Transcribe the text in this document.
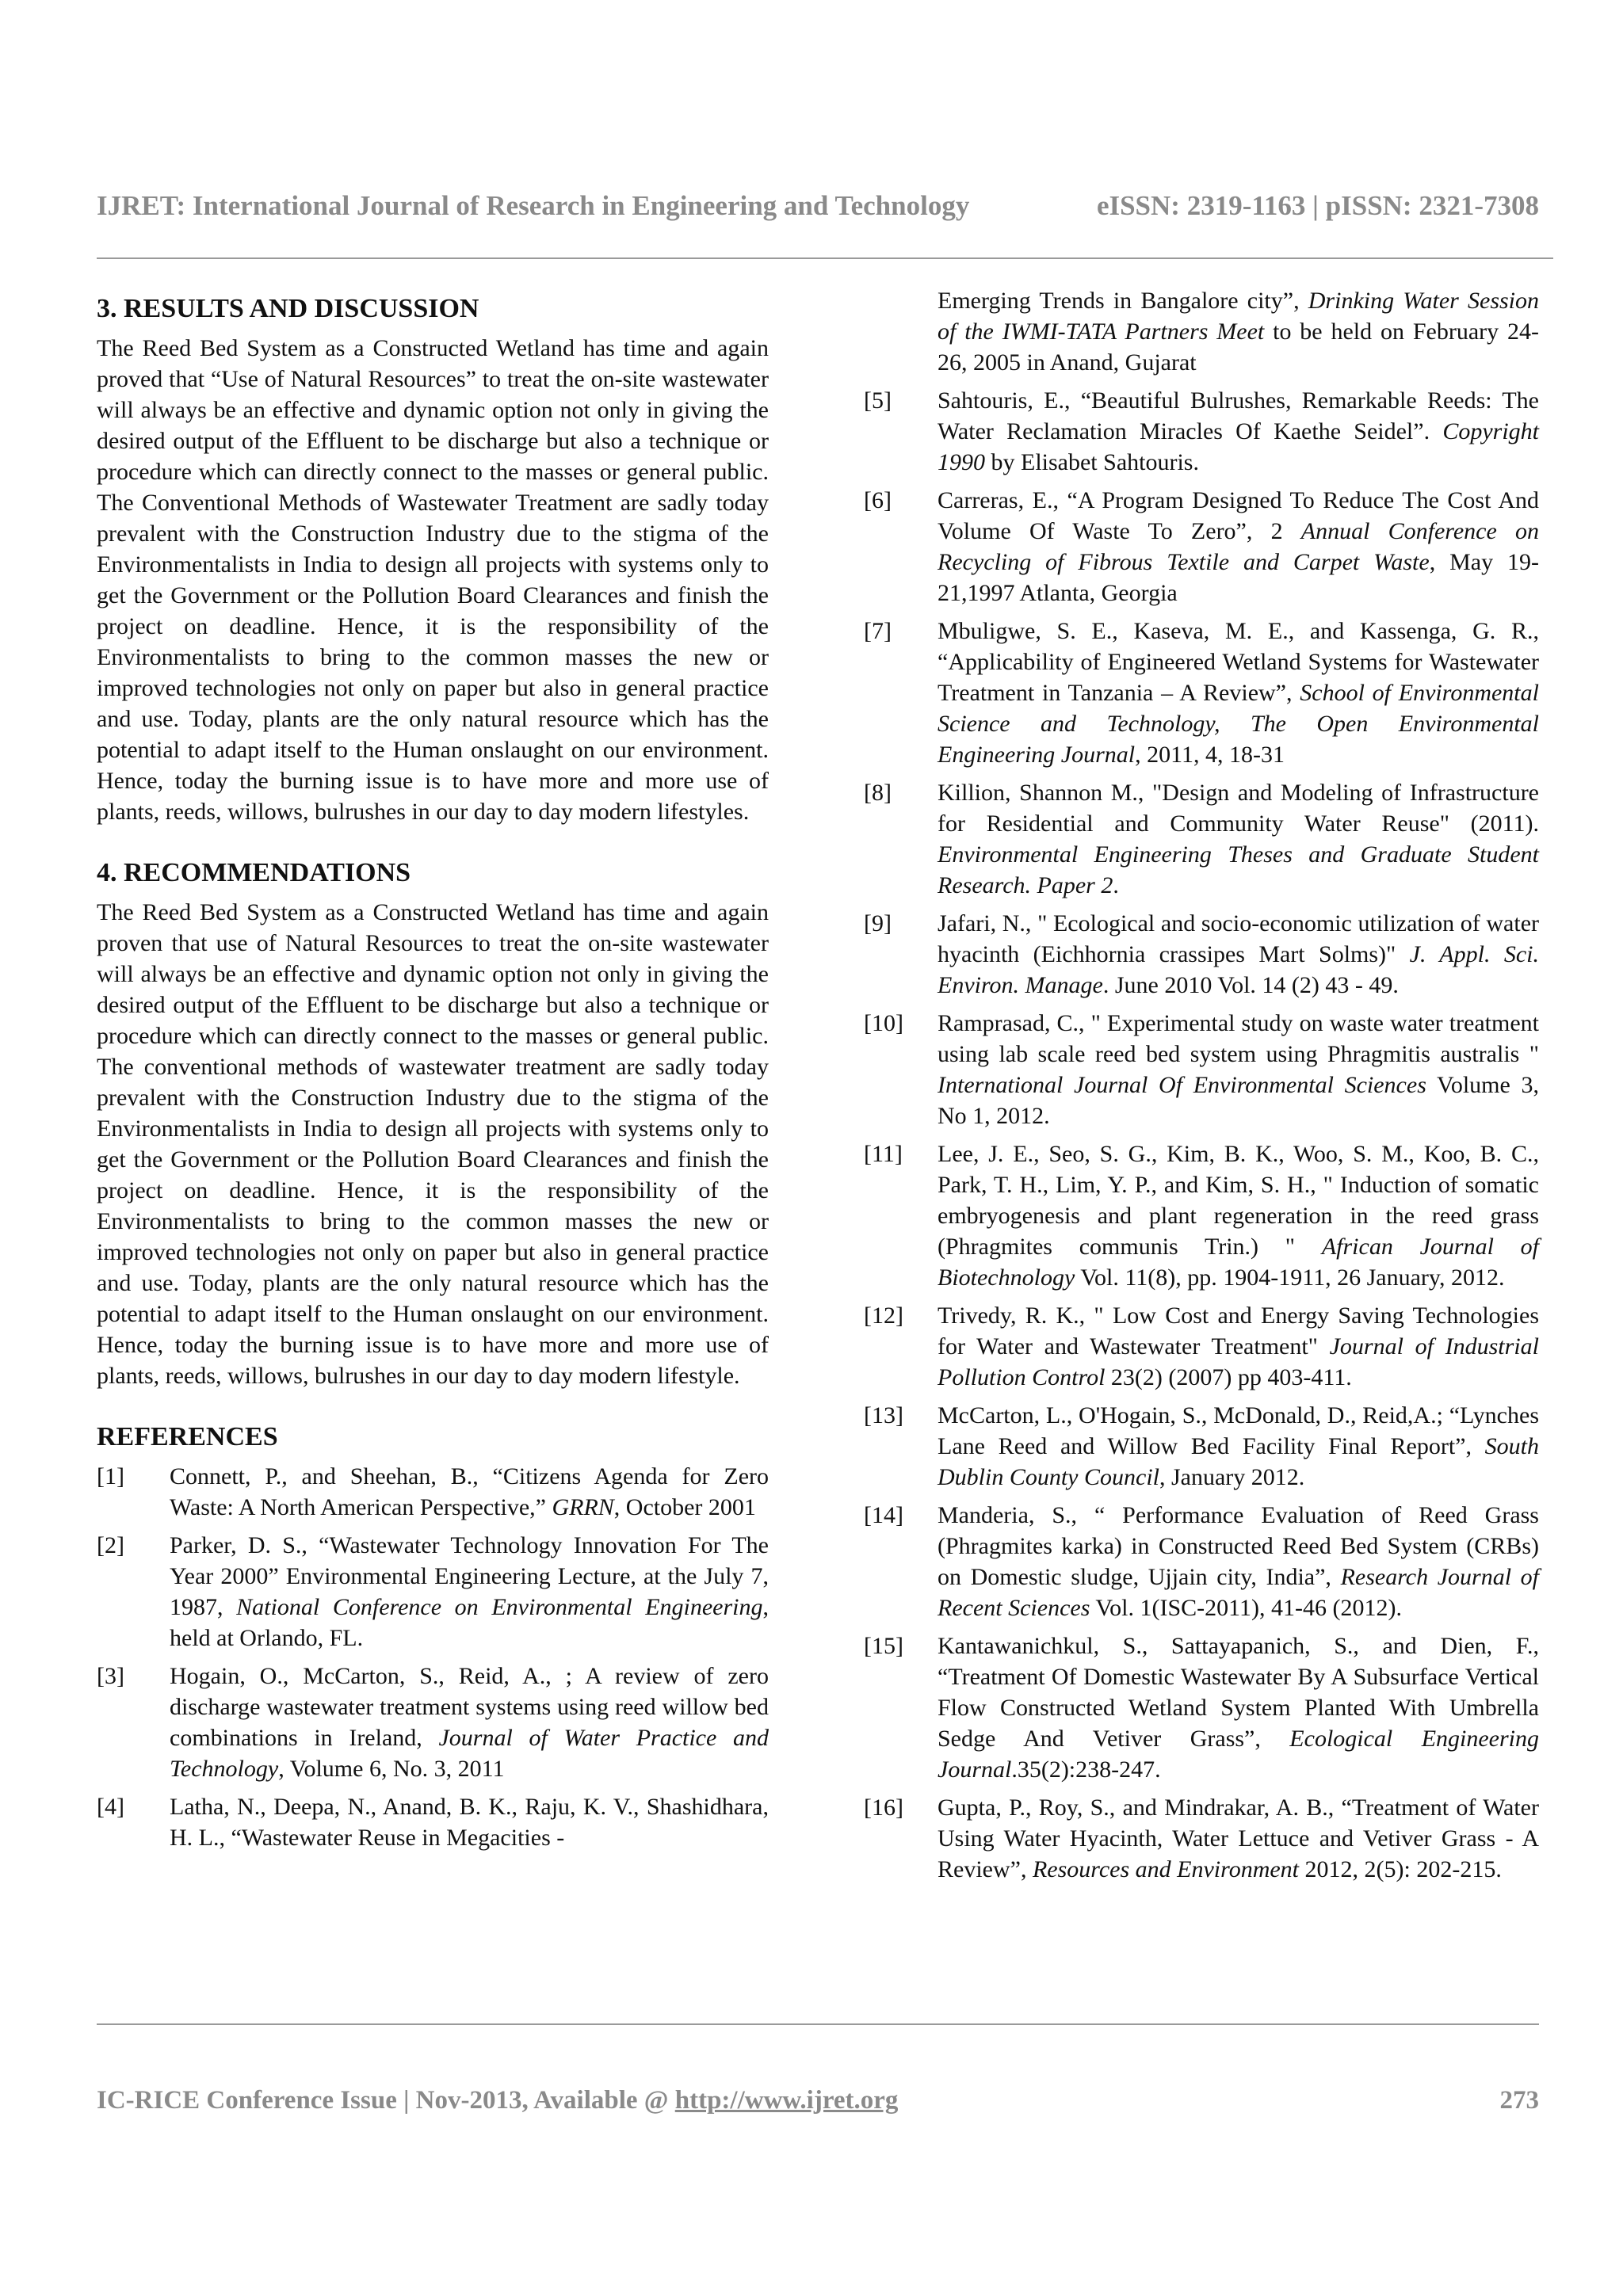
IJRET: International Journal of Research in Engineering and Technology	eISSN: 2319-1163 | pISSN: 2321-7308
3. RESULTS AND DISCUSSION

The Reed Bed System as a Constructed Wetland has time and again proved that “Use of Natural Resources” to treat the on-site wastewater will always be an effective and dynamic option not only in giving the desired output of the Effluent to be discharge but also a technique or procedure which can directly connect to the masses or general public. The Conventional Methods of Wastewater Treatment are sadly today prevalent with the Construction Industry due to the stigma of the Environmentalists in India to design all projects with systems only to get the Government or the Pollution Board Clearances and finish the project on deadline. Hence, it is the responsibility of the Environmentalists to bring to the common masses the new or improved technologies not only on paper but also in general practice and use. Today, plants are the only natural resource which has the potential to adapt itself to the Human onslaught on our environment. Hence, today the burning issue is to have more and more use of plants, reeds, willows, bulrushes in our day to day modern lifestyles.

4. RECOMMENDATIONS

The Reed Bed System as a Constructed Wetland has time and again proven that use of Natural Resources to treat the on-site wastewater will always be an effective and dynamic option not only in giving the desired output of the Effluent to be discharge but also a technique or procedure which can directly connect to the masses or general public. The conventional methods of wastewater treatment are sadly today prevalent with the Construction Industry due to the stigma of the Environmentalists in India to design all projects with systems only to get the Government or the Pollution Board Clearances and finish the project on deadline. Hence, it is the responsibility of the Environmentalists to bring to the common masses the new or improved technologies not only on paper but also in general practice and use. Today, plants are the only natural resource which has the potential to adapt itself to the Human onslaught on our environment. Hence, today the burning issue is to have more and more use of plants, reeds, willows, bulrushes in our day to day modern lifestyle.

REFERENCES
[1] Connett, P., and Sheehan, B., “Citizens Agenda for Zero Waste: A North American Perspective,” GRRN, October 2001
[2] Parker, D. S., “Wastewater Technology Innovation For The Year 2000” Environmental Engineering Lecture, at the July 7, 1987, National Conference on Environmental Engineering, held at Orlando, FL.
[3] Hogain, O., McCarton, S., Reid, A., ; A review of zero discharge wastewater treatment systems using reed willow bed combinations in Ireland, Journal of Water Practice and Technology, Volume 6, No. 3, 2011
[4] Latha, N., Deepa, N., Anand, B. K., Raju, K. V., Shashidhara, H. L., “Wastewater Reuse in Megacities -
Emerging Trends in Bangalore city”, Drinking Water Session of the IWMI-TATA Partners Meet to be held on February 24-26, 2005 in Anand, Gujarat
[5] Sahtouris, E., “Beautiful Bulrushes, Remarkable Reeds: The Water Reclamation Miracles Of Kaethe Seidel”. Copyright 1990 by Elisabet Sahtouris.
[6] Carreras, E., “A Program Designed To Reduce The Cost And Volume Of Waste To Zero”, 2 Annual Conference on Recycling of Fibrous Textile and Carpet Waste, May 19-21,1997 Atlanta, Georgia
[7] Mbuligwe, S. E., Kaseva, M. E., and Kassenga, G. R., “Applicability of Engineered Wetland Systems for Wastewater Treatment in Tanzania – A Review”, School of Environmental Science and Technology, The Open Environmental Engineering Journal, 2011, 4, 18-31
[8] Killion, Shannon M., "Design and Modeling of Infrastructure for Residential and Community Water Reuse" (2011). Environmental Engineering Theses and Graduate Student Research. Paper 2.
[9] Jafari, N., " Ecological and socio-economic utilization of water hyacinth (Eichhornia crassipes Mart Solms)" J. Appl. Sci. Environ. Manage. June 2010 Vol. 14 (2) 43 - 49.
[10] Ramprasad, C., " Experimental study on waste water treatment using lab scale reed bed system using Phragmitis australis " International Journal Of Environmental Sciences Volume 3, No 1, 2012.
[11] Lee, J. E., Seo, S. G., Kim, B. K., Woo, S. M., Koo, B. C., Park, T. H., Lim, Y. P., and Kim, S. H., " Induction of somatic embryogenesis and plant regeneration in the reed grass (Phragmites communis Trin.) " African Journal of Biotechnology Vol. 11(8), pp. 1904-1911, 26 January, 2012.
[12] Trivedy, R. K., " Low Cost and Energy Saving Technologies for Water and Wastewater Treatment" Journal of Industrial Pollution Control 23(2) (2007) pp 403-411.
[13] McCarton, L., O'Hogain, S., McDonald, D., Reid,A.; “Lynches Lane Reed and Willow Bed Facility Final Report”, South Dublin County Council, January 2012.
[14] Manderia, S., “ Performance Evaluation of Reed Grass (Phragmites karka) in Constructed Reed Bed System (CRBs) on Domestic sludge, Ujjain city, India”, Research Journal of Recent Sciences Vol. 1(ISC-2011), 41-46 (2012).
[15] Kantawanichkul, S., Sattayapanich, S., and Dien, F., “Treatment Of Domestic Wastewater By A Subsurface Vertical Flow Constructed Wetland System Planted With Umbrella Sedge And Vetiver Grass”, Ecological Engineering Journal.35(2):238-247.
[16] Gupta, P., Roy, S., and Mindrakar, A. B., “Treatment of Water Using Water Hyacinth, Water Lettuce and Vetiver Grass - A Review”, Resources and Environment 2012, 2(5): 202-215.
IC-RICE Conference Issue | Nov-2013, Available @ http://www.ijret.org	273
